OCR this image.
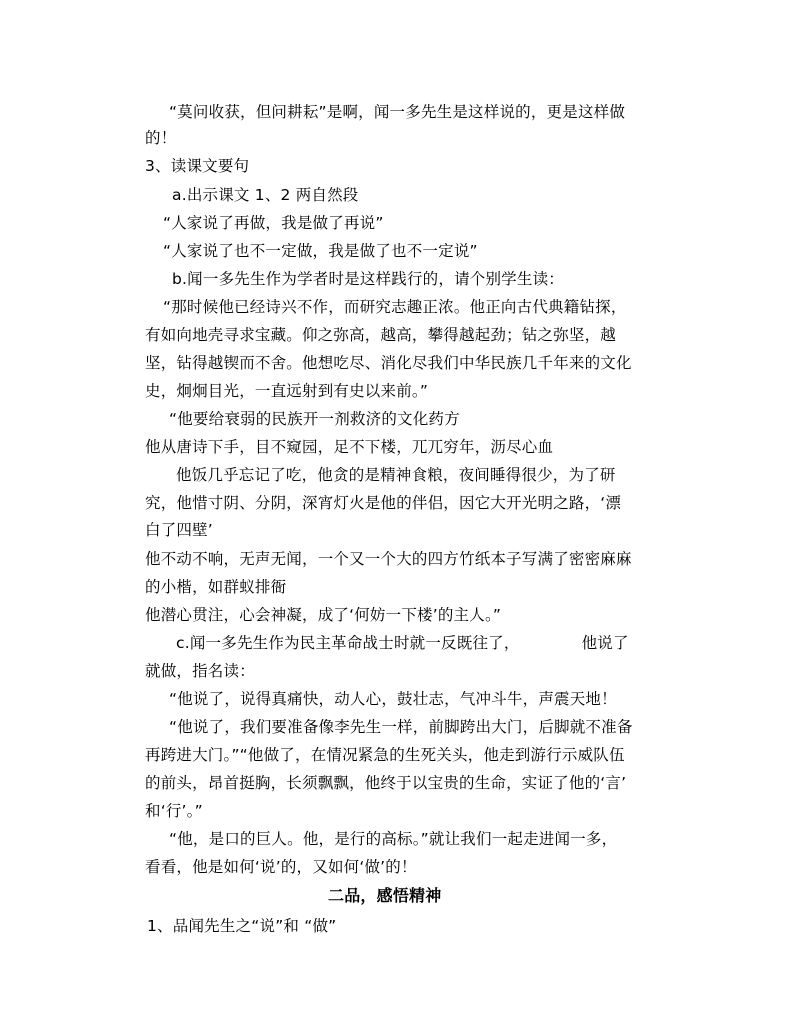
“莫问收获，但问耕耘”是啊，闻一多先生是这样说的，更是这样做
的！
3、读课文要句
a.出示课文 1、2 两自然段
“人家说了再做，我是做了再说”
“人家说了也不一定做，我是做了也不一定说”
b.闻一多先生作为学者时是这样践行的，请个别学生读：
“那时候他已经诗兴不作，而研究志趣正浓。他正向古代典籍钻探，
有如向地壳寻求宝藏。仰之弥高，越高，攀得越起劲；钻之弥坚，越
坚，钻得越锲而不舍。他想吃尽、消化尽我们中华民族几千年来的文化
史，炯炯目光，一直远射到有史以来前。”
“他要给衰弱的民族开一剂救济的文化药方
他从唐诗下手，目不窥园，足不下楼，兀兀穷年，沥尽心血
他饭几乎忘记了吃，他贪的是精神食粮，夜间睡得很少，为了研
究，他惜寸阴、分阴，深宵灯火是他的伴侣，因它大开光明之路，‘漂
白了四壁’
他不动不响，无声无闻，一个又一个大的四方竹纸本子写满了密密麻麻
的小楷，如群蚁排衙
他潜心贯注，心会神凝，成了‘何妨一下楼’的主人。”
c.闻一多先生作为民主革命战士时就一反既往了，	他说了
就做，指名读：
“他说了，说得真痛快，动人心，鼓壮志，气冲斗牛，声震天地！
“他说了，我们要准备像李先生一样，前脚跨出大门，后脚就不准备
再跨进大门。”“他做了，在情况紧急的生死关头，他走到游行示威队伍
的前头，昂首挺胸，长须飘飘，他终于以宝贵的生命，实证了他的‘言’
和‘行’。”
“他，是口的巨人。他，是行的高标。”就让我们一起走进闻一多，
看看，他是如何‘说’的，又如何‘做’的！
二品，感悟精神
1、品闻先生之“说”和 “做”
